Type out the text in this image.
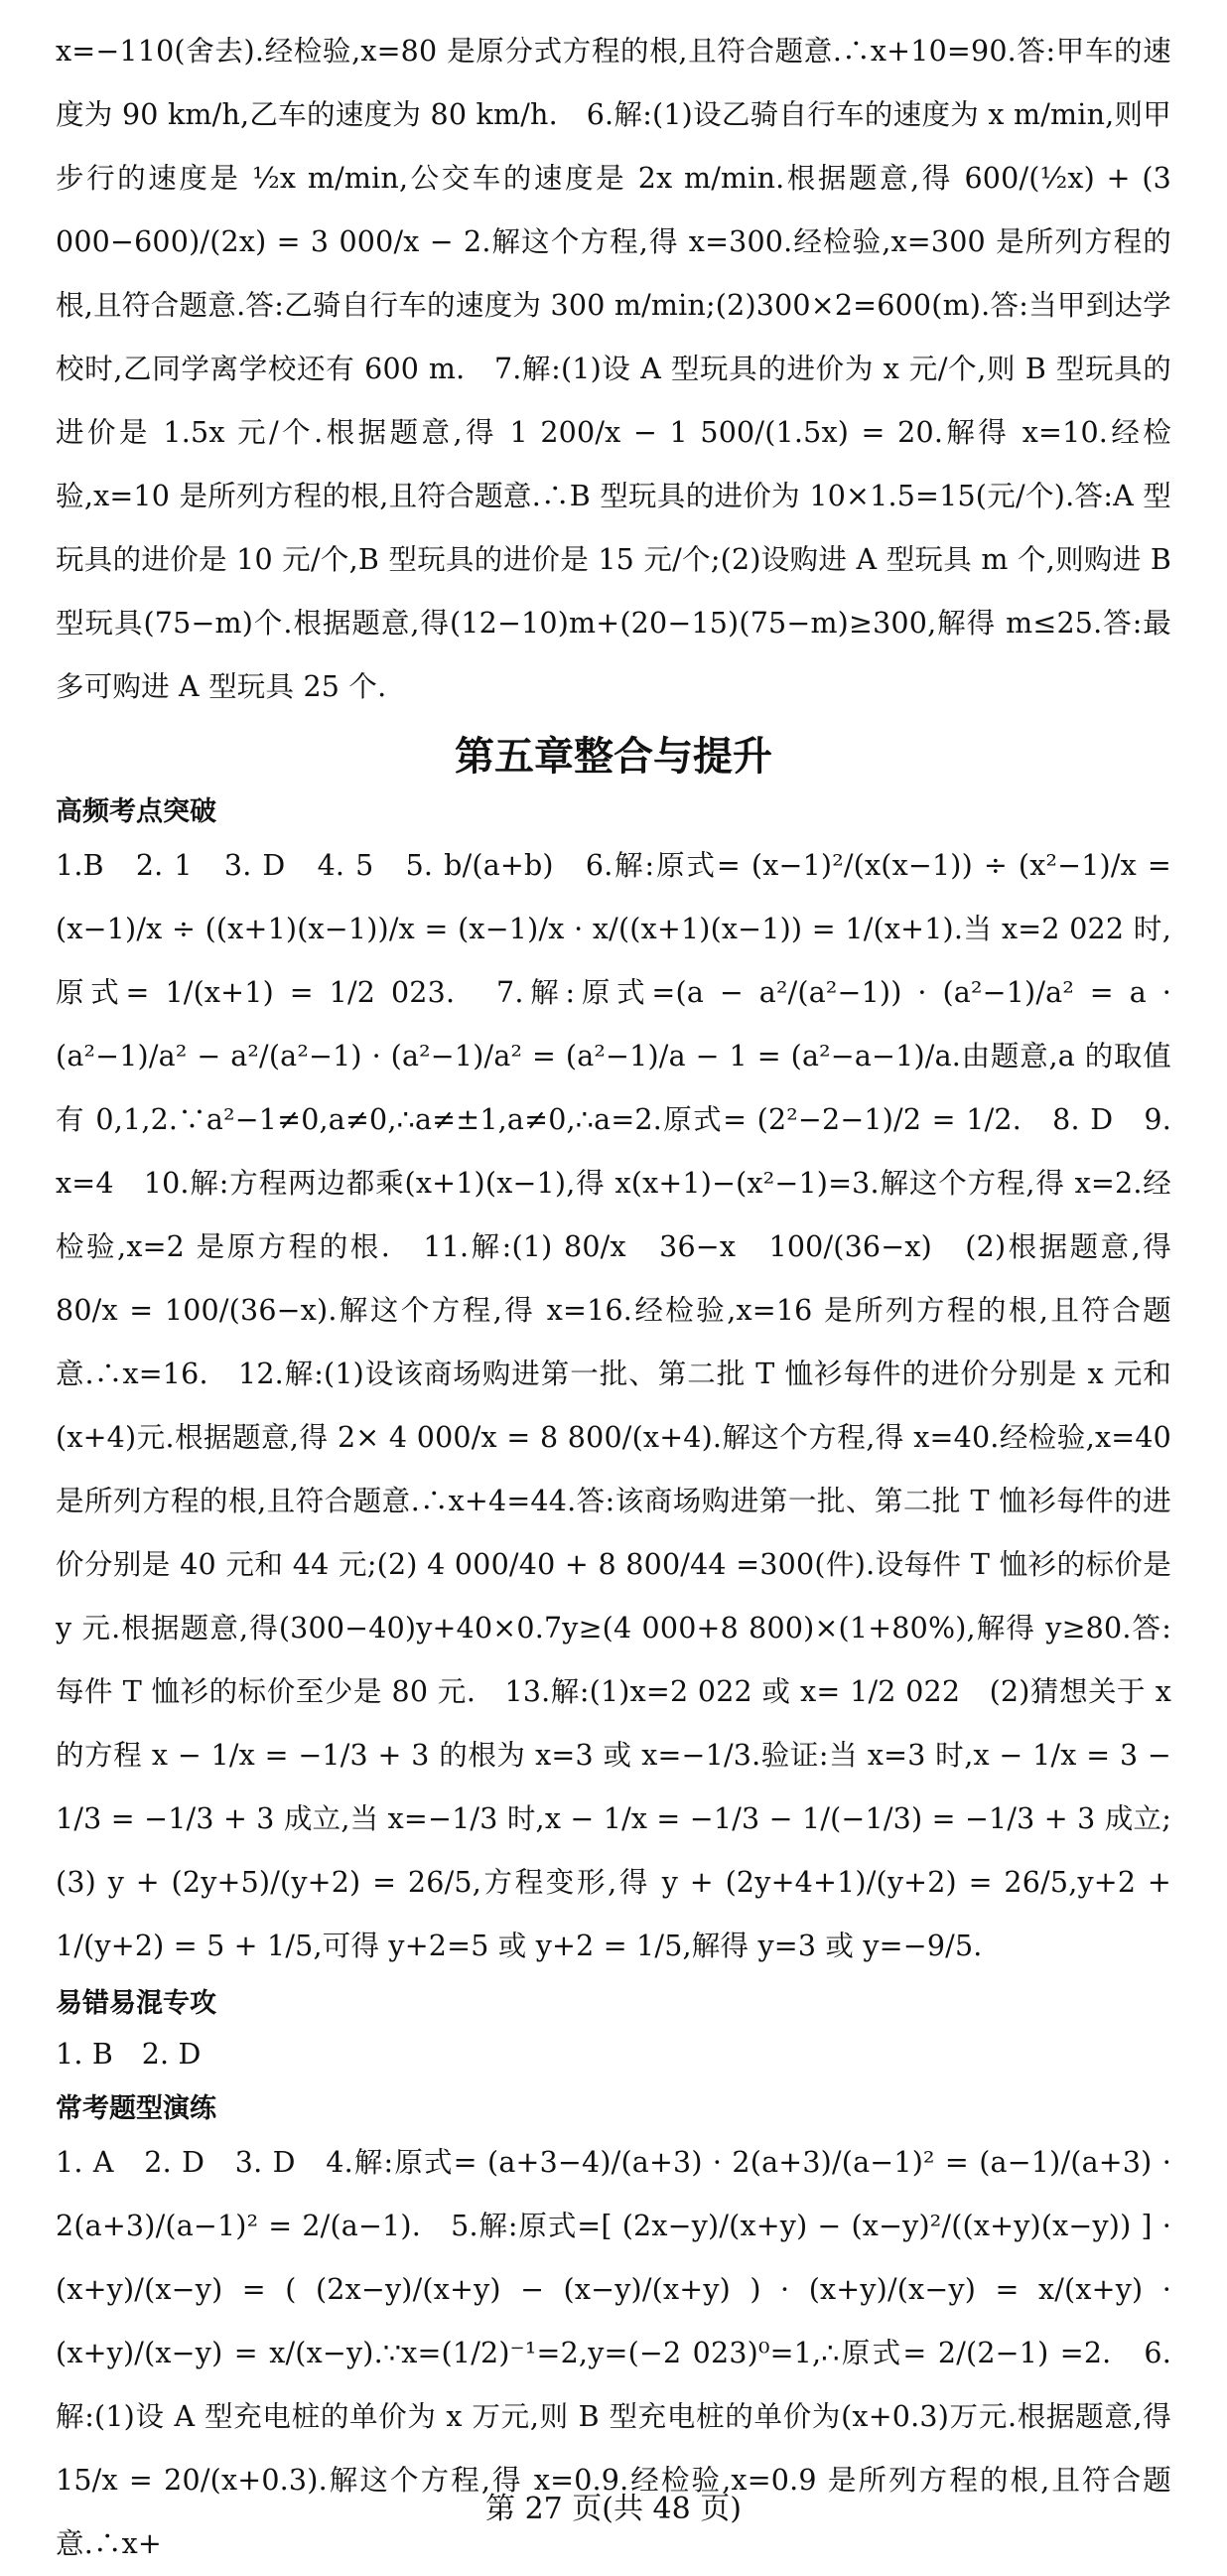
x=−110(舍去).经检验,x=80 是原分式方程的根,且符合题意.∴x+10=90.答:甲车的速度为 90 km/h,乙车的速度为 80 km/h.　6.解:(1)设乙骑自行车的速度为 x m/min,则甲步行的速度是 ½x m/min,公交车的速度是 2x m/min.根据题意,得 600/(½x) + (3 000−600)/(2x) = 3 000/x − 2.解这个方程,得 x=300.经检验,x=300 是所列方程的根,且符合题意.答:乙骑自行车的速度为 300 m/min;(2)300×2=600(m).答:当甲到达学校时,乙同学离学校还有 600 m.　7.解:(1)设 A 型玩具的进价为 x 元/个,则 B 型玩具的进价是 1.5x 元/个.根据题意,得 1 200/x − 1 500/(1.5x) = 20.解得 x=10.经检验,x=10 是所列方程的根,且符合题意.∴B 型玩具的进价为 10×1.5=15(元/个).答:A 型玩具的进价是 10 元/个,B 型玩具的进价是 15 元/个;(2)设购进 A 型玩具 m 个,则购进 B 型玩具(75−m)个.根据题意,得(12−10)m+(20−15)(75−m)≥300,解得 m≤25.答:最多可购进 A 型玩具 25 个.

第五章整合与提升
高频考点突破

1.B　2. 1　3. D　4. 5　5. b/(a+b)　6.解:原式= (x−1)²/(x(x−1)) ÷ (x²−1)/x = (x−1)/x ÷ ((x+1)(x−1))/x = (x−1)/x · x/((x+1)(x−1)) = 1/(x+1).当 x=2 022 时,原式= 1/(x+1) = 1/2 023.　7.解:原式=(a − a²/(a²−1)) · (a²−1)/a² = a · (a²−1)/a² − a²/(a²−1) · (a²−1)/a² = (a²−1)/a − 1 = (a²−a−1)/a.由题意,a 的取值有 0,1,2.∵a²−1≠0,a≠0,∴a≠±1,a≠0,∴a=2.原式= (2²−2−1)/2 = 1/2.　8. D　9. x=4　10.解:方程两边都乘(x+1)(x−1),得 x(x+1)−(x²−1)=3.解这个方程,得 x=2.经检验,x=2 是原方程的根.　11.解:(1) 80/x　36−x　100/(36−x)　(2)根据题意,得 80/x = 100/(36−x).解这个方程,得 x=16.经检验,x=16 是所列方程的根,且符合题意.∴x=16.　12.解:(1)设该商场购进第一批、第二批 T 恤衫每件的进价分别是 x 元和(x+4)元.根据题意,得 2× 4 000/x = 8 800/(x+4).解这个方程,得 x=40.经检验,x=40 是所列方程的根,且符合题意.∴x+4=44.答:该商场购进第一批、第二批 T 恤衫每件的进价分别是 40 元和 44 元;(2) 4 000/40 + 8 800/44 =300(件).设每件 T 恤衫的标价是 y 元.根据题意,得(300−40)y+40×0.7y≥(4 000+8 800)×(1+80%),解得 y≥80.答:每件 T 恤衫的标价至少是 80 元.　13.解:(1)x=2 022 或 x= 1/2 022　(2)猜想关于 x 的方程 x − 1/x = −1/3 + 3 的根为 x=3 或 x=−1/3.验证:当 x=3 时,x − 1/x = 3 − 1/3 = −1/3 + 3 成立,当 x=−1/3 时,x − 1/x = −1/3 − 1/(−1/3) = −1/3 + 3 成立;(3) y + (2y+5)/(y+2) = 26/5,方程变形,得 y + (2y+4+1)/(y+2) = 26/5,y+2 + 1/(y+2) = 5 + 1/5,可得 y+2=5 或 y+2 = 1/5,解得 y=3 或 y=−9/5.

易错易混专攻

1. B　2. D

常考题型演练

1. A　2. D　3. D　4.解:原式= (a+3−4)/(a+3) · 2(a+3)/(a−1)² = (a−1)/(a+3) · 2(a+3)/(a−1)² = 2/(a−1).　5.解:原式=[ (2x−y)/(x+y) − (x−y)²/((x+y)(x−y)) ] · (x+y)/(x−y) = ( (2x−y)/(x+y) − (x−y)/(x+y) ) · (x+y)/(x−y) = x/(x+y) · (x+y)/(x−y) = x/(x−y).∵x=(1/2)⁻¹=2,y=(−2 023)⁰=1,∴原式= 2/(2−1) =2.　6.解:(1)设 A 型充电桩的单价为 x 万元,则 B 型充电桩的单价为(x+0.3)万元.根据题意,得 15/x = 20/(x+0.3).解这个方程,得 x=0.9.经检验,x=0.9 是所列方程的根,且符合题意.∴x+

第 27 页(共 48 页)
